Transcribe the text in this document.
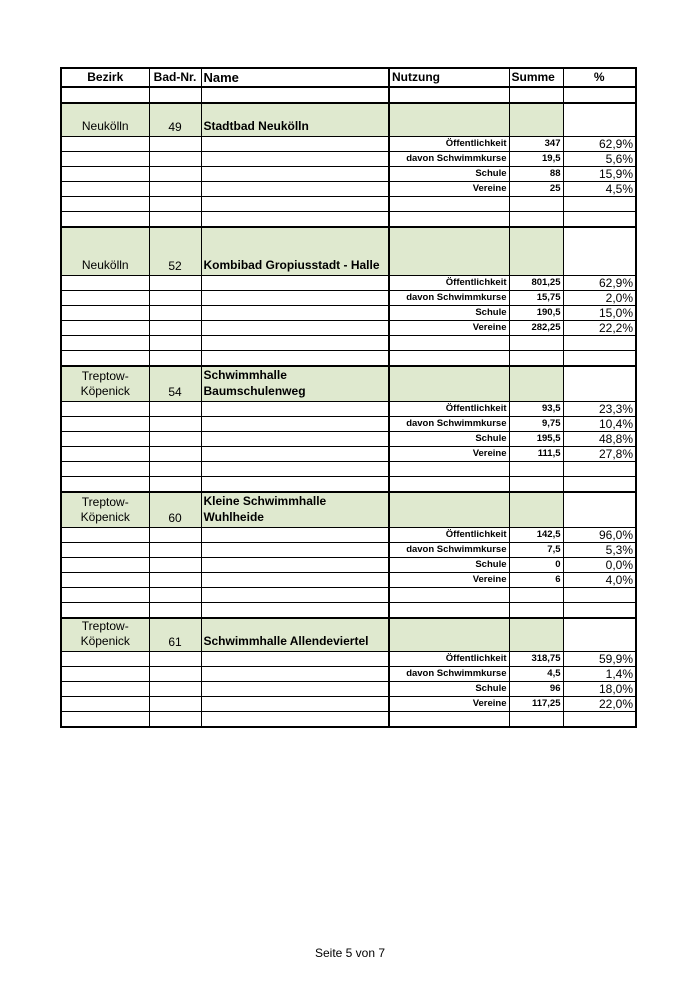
Bezirk	Bad-Nr.	Name	Nutzung	Summe	%

Neukölln	49	Stadtbad Neukölln			
			Öffentlichkeit	347	62,9%
			davon Schwimmkurse	19,5	5,6%
			Schule	88	15,9%
			Vereine	25	4,5%

Neukölln	52	Kombibad Gropiusstadt - Halle			
			Öffentlichkeit	801,25	62,9%
			davon Schwimmkurse	15,75	2,0%
			Schule	190,5	15,0%
			Vereine	282,25	22,2%

Treptow-Köpenick	54	Schwimmhalle Baumschulenweg			
			Öffentlichkeit	93,5	23,3%
			davon Schwimmkurse	9,75	10,4%
			Schule	195,5	48,8%
			Vereine	111,5	27,8%

Treptow-Köpenick	60	Kleine Schwimmhalle Wuhlheide			
			Öffentlichkeit	142,5	96,0%
			davon Schwimmkurse	7,5	5,3%
			Schule	0	0,0%
			Vereine	6	4,0%

Treptow-Köpenick	61	Schwimmhalle Allendeviertel			
			Öffentlichkeit	318,75	59,9%
			davon Schwimmkurse	4,5	1,4%
			Schule	96	18,0%
			Vereine	117,25	22,0%

Seite 5 von 7
